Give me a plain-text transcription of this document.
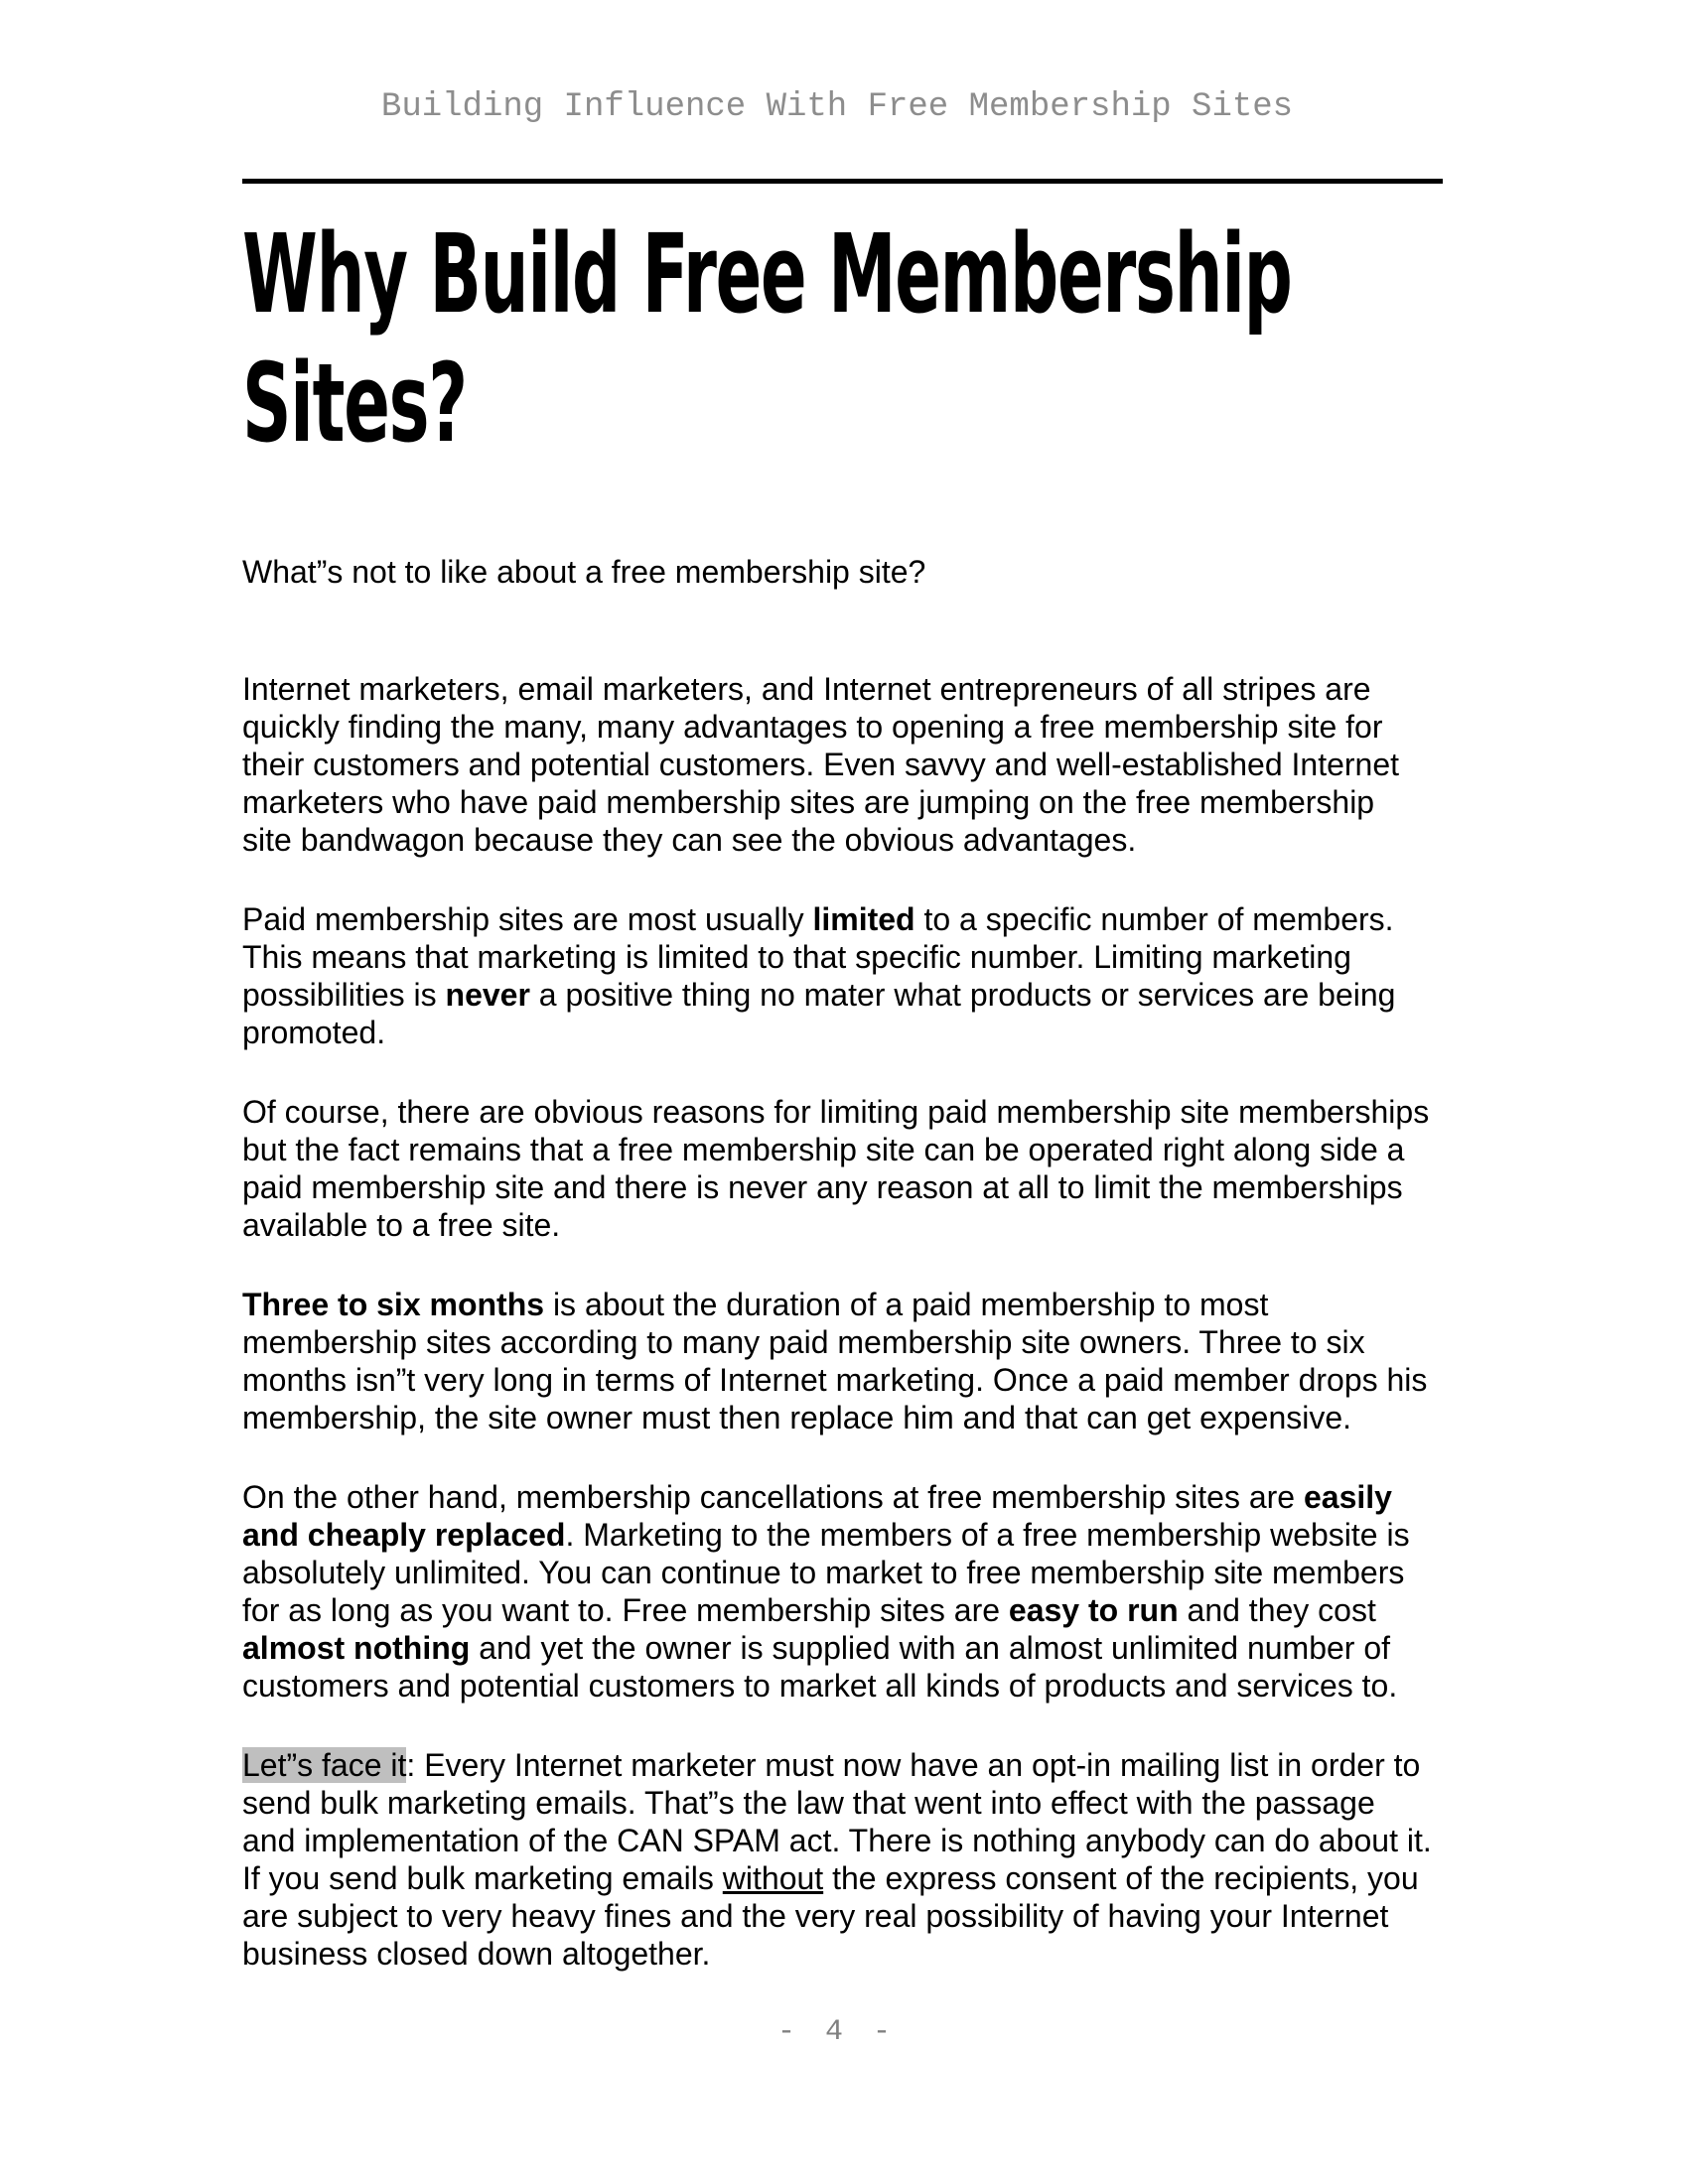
Building Influence With Free Membership Sites
Why Build Free Membership
Sites?

What”s not to like about a free membership site?

Internet marketers, email marketers, and Internet entrepreneurs of all stripes are quickly finding the many, many advantages to opening a free membership site for their customers and potential customers. Even savvy and well-established Internet marketers who have paid membership sites are jumping on the free membership site bandwagon because they can see the obvious advantages.

Paid membership sites are most usually limited to a specific number of members. This means that marketing is limited to that specific number. Limiting marketing possibilities is never a positive thing no mater what products or services are being promoted.

Of course, there are obvious reasons for limiting paid membership site memberships but the fact remains that a free membership site can be operated right along side a paid membership site and there is never any reason at all to limit the memberships available to a free site.

Three to six months is about the duration of a paid membership to most membership sites according to many paid membership site owners. Three to six months isn”t very long in terms of Internet marketing. Once a paid member drops his membership, the site owner must then replace him and that can get expensive.

On the other hand, membership cancellations at free membership sites are easily and cheaply replaced. Marketing to the members of a free membership website is absolutely unlimited. You can continue to market to free membership site members for as long as you want to. Free membership sites are easy to run and they cost almost nothing and yet the owner is supplied with an almost unlimited number of customers and potential customers to market all kinds of products and services to.

Let”s face it: Every Internet marketer must now have an opt-in mailing list in order to send bulk marketing emails. That”s the law that went into effect with the passage and implementation of the CAN SPAM act. There is nothing anybody can do about it. If you send bulk marketing emails without the express consent of the recipients, you are subject to very heavy fines and the very real possibility of having your Internet business closed down altogether.

- 4 -
